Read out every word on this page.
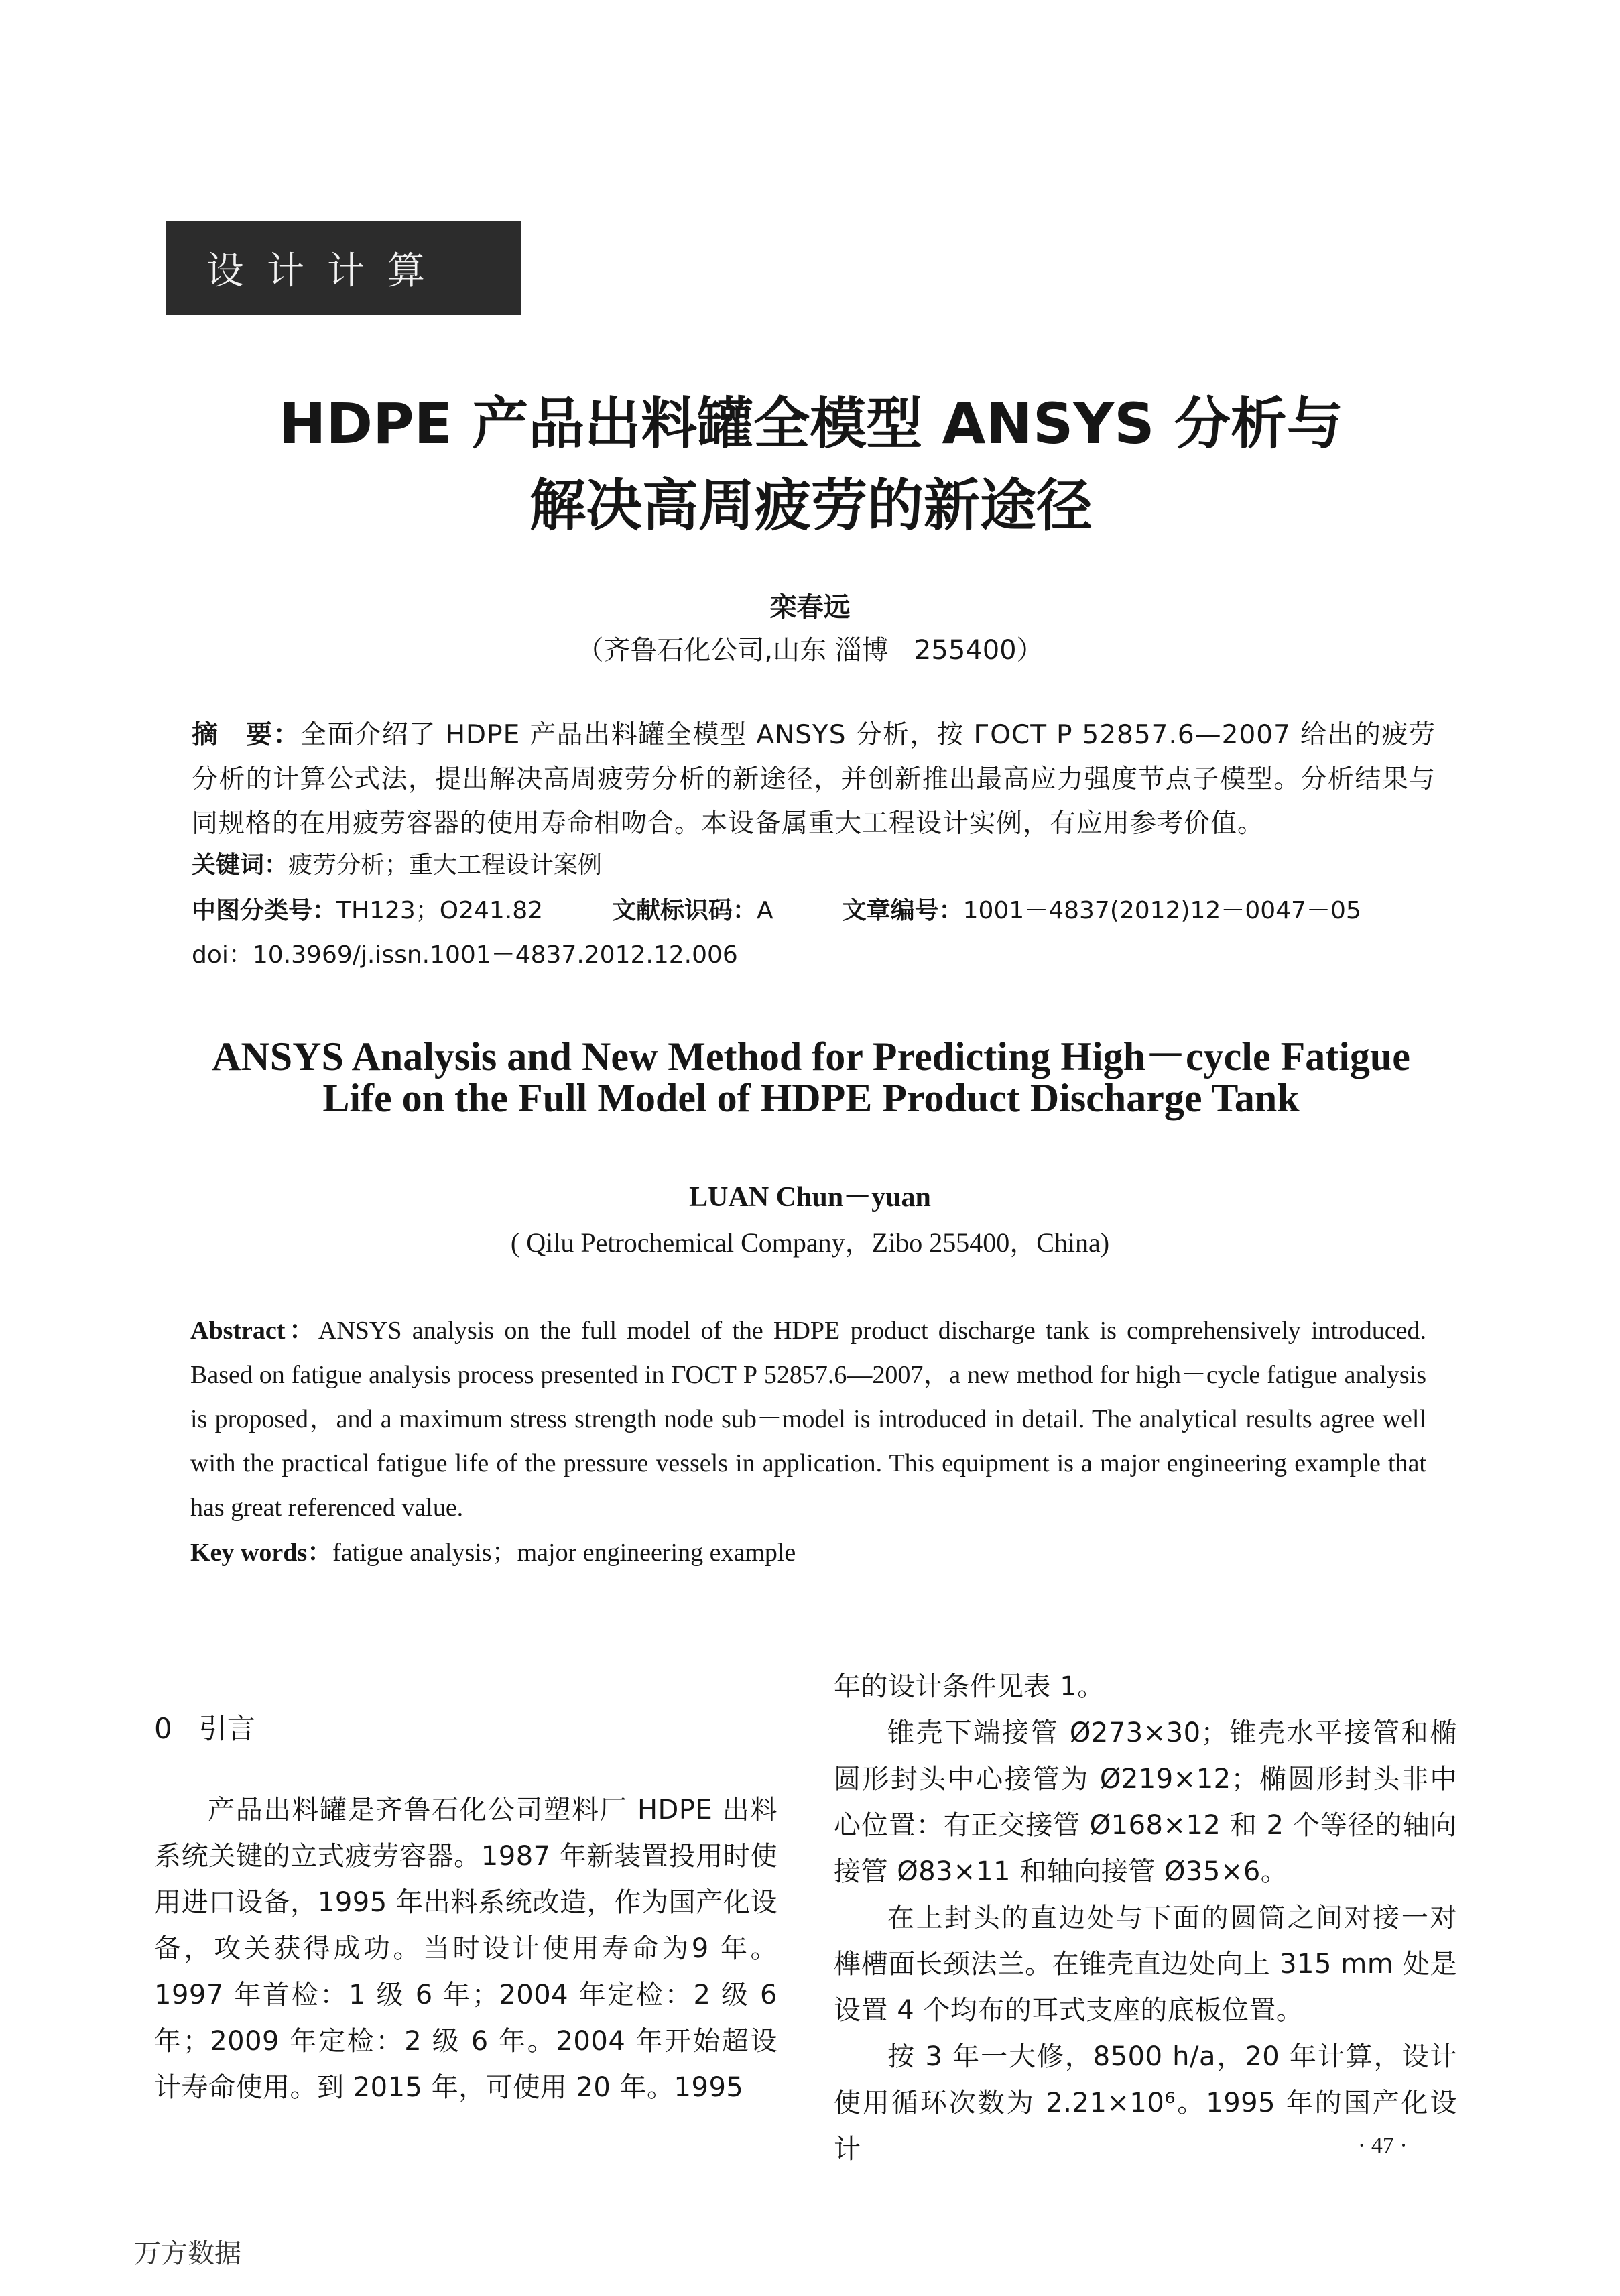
设计计算
HDPE 产品出料罐全模型 ANSYS 分析与
解决高周疲劳的新途径
栾春远
（齐鲁石化公司,山东 淄博   255400）
摘　要：全面介绍了 HDPE 产品出料罐全模型 ANSYS 分析，按 ГОСТ Р 52857.6—2007 给出的疲劳分析的计算公式法，提出解决高周疲劳分析的新途径，并创新推出最高应力强度节点子模型。分析结果与同规格的在用疲劳容器的使用寿命相吻合。本设备属重大工程设计实例，有应用参考价值。
关键词：疲劳分析；重大工程设计案例
中图分类号：TH123；O241.82	文献标识码：A	文章编号：1001－4837(2012)12－0047－05
doi：10.3969/j.issn.1001－4837.2012.12.006
ANSYS Analysis and New Method for Predicting High－cycle Fatigue
Life on the Full Model of HDPE Product Discharge Tank
LUAN Chun－yuan
( Qilu Petrochemical Company，Zibo 255400，China)
Abstract：ANSYS analysis on the full model of the HDPE product discharge tank is comprehensively introduced. Based on fatigue analysis process presented in ГОСТ Р 52857.6—2007，a new method for high－cycle fatigue analysis is proposed，and a maximum stress strength node sub－model is introduced in detail. The analytical results agree well with the practical fatigue life of the pressure vessels in application. This equipment is a major engineering example that has great referenced value.
Key words：fatigue analysis；major engineering example
0   引言

产品出料罐是齐鲁石化公司塑料厂 HDPE 出料系统关键的立式疲劳容器。1987 年新装置投用时使用进口设备，1995 年出料系统改造，作为国产化设备，攻关获得成功。当时设计使用寿命为9 年。1997 年首检：1 级 6 年；2004 年定检：2 级 6 年；2009 年定检：2 级 6 年。2004 年开始超设计寿命使用。到 2015 年，可使用 20 年。1995

年的设计条件见表 1。

锥壳下端接管 Ø273×30；锥壳水平接管和椭圆形封头中心接管为 Ø219×12；椭圆形封头非中心位置：有正交接管 Ø168×12 和 2 个等径的轴向接管 Ø83×11 和轴向接管 Ø35×6。

在上封头的直边处与下面的圆筒之间对接一对榫槽面长颈法兰。在锥壳直边处向上 315 mm 处是设置 4 个均布的耳式支座的底板位置。

按 3 年一大修，8500 h/a，20 年计算，设计使用循环次数为 2.21×10⁶。1995 年的国产化设计	· 47 ·
万方数据
